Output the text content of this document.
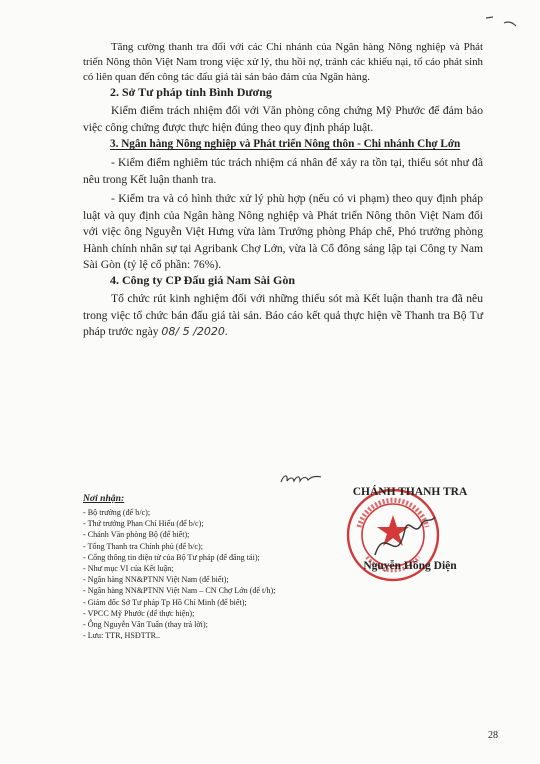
Tăng cường thanh tra đối với các Chi nhánh của Ngân hàng Nông nghiệp và Phát triển Nông thôn Việt Nam trong việc xử lý, thu hồi nợ, tránh các khiếu nại, tố cáo phát sinh có liên quan đến công tác đấu giá tài sản bảo đảm của Ngân hàng.

2. Sở Tư pháp tỉnh Bình Dương

Kiểm điểm trách nhiệm đối với Văn phòng công chứng Mỹ Phước để đảm bảo việc công chứng được thực hiện đúng theo quy định pháp luật.

3. Ngân hàng Nông nghiệp và Phát triển Nông thôn - Chi nhánh Chợ Lớn

- Kiểm điểm nghiêm túc trách nhiệm cá nhân để xảy ra tồn tại, thiếu sót như đã nêu trong Kết luận thanh tra.

- Kiểm tra và có hình thức xử lý phù hợp (nếu có vi phạm) theo quy định pháp luật và quy định của Ngân hàng Nông nghiệp và Phát triển Nông thôn Việt Nam đối với việc ông Nguyễn Việt Hưng vừa làm Trưởng phòng Pháp chế, Phó trưởng phòng Hành chính nhân sự tại Agribank Chợ Lớn, vừa là Cổ đông sáng lập tại Công ty Nam Sài Gòn (tỷ lệ cổ phần: 76%).

4. Công ty CP Đấu giá Nam Sài Gòn

Tổ chức rút kinh nghiệm đối với những thiếu sót mà Kết luận thanh tra đã nêu trong việc tổ chức bán đấu giá tài sản. Báo cáo kết quả thực hiện về Thanh tra Bộ Tư pháp trước ngày 08/ 5 /2020.

Nơi nhận:
- Bộ trưởng (để b/c);
- Thứ trưởng Phan Chí Hiếu (để b/c);
- Chánh Văn phòng Bộ (để biết);
- Tổng Thanh tra Chính phủ (để b/c);
- Cổng thông tin điện tử của Bộ Tư pháp (để đăng tải);
- Như mục VI của Kết luận;
- Ngân hàng NN&PTNN Việt Nam (để biết);
- Ngân hàng NN&PTNN Việt Nam – CN Chợ Lớn (để t/h);
- Giám đốc Sở Tư pháp Tp Hồ Chí Minh (để biết);
- VPCC Mỹ Phước (để thực hiện);
- Ông Nguyễn Văn Tuấn (thay trả lời);
- Lưu: TTR, HSĐTTR..
CHÁNH THANH TRA
Nguyễn Hồng Diện
28
